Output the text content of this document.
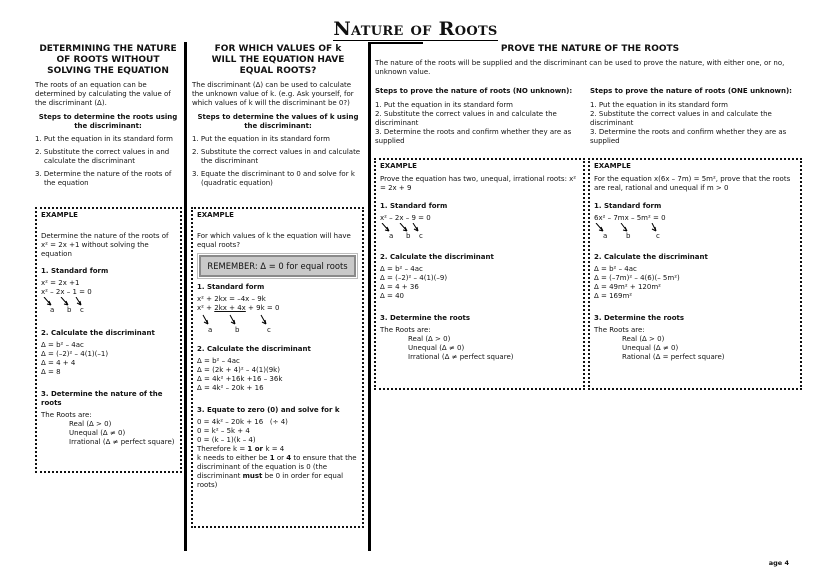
Nature of Roots
DETERMINING THE NATURE OF ROOTS WITHOUT SOLVING THE EQUATION
The roots of an equation can be determined by calculating the value of the discriminant (Δ).
Steps to determine the roots using the discriminant:
1. Put the equation in its standard form
2. Substitute the correct values in and calculate the discriminant
3. Determine the nature of the roots of the equation
EXAMPLE
Determine the nature of the roots of x² = 2x +1 without solving the equation
1. Standard form
x² = 2x +1
x² – 2x – 1 = 0
a b c
2. Calculate the discriminant
Δ = b² – 4ac
Δ = (–2)² – 4(1)(–1)
Δ = 4 + 4
Δ = 8
3. Determine the nature of the roots
The Roots are:
Real (Δ > 0)
Unequal (Δ ≠ 0)
Irrational (Δ ≠ perfect square)
FOR WHICH VALUES OF k WILL THE EQUATION HAVE EQUAL ROOTS?
The discriminant (Δ) can be used to calculate the unknown value of k. (e.g. Ask yourself, for which values of k will the discriminant be 0?)
Steps to determine the values of k using the discriminant:
1. Put the equation in its standard form
2. Substitute the correct values in and calculate the discriminant
3. Equate the discriminant to 0 and solve for k (quadratic equation)
EXAMPLE
For which values of k the equation will have equal roots?
REMEMBER: Δ = 0 for equal roots
1. Standard form
x² + 2kx = –4x – 9k
x² + 2kx + 4x + 9k = 0
a	b	c
2. Calculate the discriminant
Δ = b² – 4ac
Δ = (2k + 4)² – 4(1)(9k)
Δ = 4k² +16k +16 – 36k
Δ = 4k² – 20k + 16
3. Equate to zero (0) and solve for k
0 = 4k² – 20k + 16   (÷ 4)
0 = k² – 5k + 4
0 = (k – 1)(k – 4)
Therefore k = 1 or k = 4
k needs to either be 1 or 4 to ensure that the discriminant of the equation is 0 (the discriminant must be 0 in order for equal roots)
PROVE THE NATURE OF THE ROOTS
The nature of the roots will be supplied and the discriminant can be used to prove the nature, with either one, or no, unknown value.
Steps to prove the nature of roots (NO unknown):
1. Put the equation in its standard form
2. Substitute the correct values in and calculate the discriminant
3. Determine the roots and confirm whether they are as supplied
Steps to prove the nature of roots (ONE unknown):
1. Put the equation in its standard form
2. Substitute the correct values in and calculate the discriminant
3. Determine the roots and confirm whether they are as supplied
EXAMPLE
Prove the equation has two, unequal, irrational roots: x² = 2x + 9
1. Standard form
x² – 2x – 9 = 0
a b c
2. Calculate the discriminant
Δ = b² – 4ac
Δ = (–2)² – 4(1)(–9)
Δ = 4 + 36
Δ = 40
3. Determine the roots
The Roots are:
Real (Δ > 0)
Unequal (Δ ≠ 0)
Irrational (Δ ≠ perfect square)
EXAMPLE
For the equation x(6x – 7m) = 5m², prove that the roots are real, rational and unequal if m > 0
1. Standard form
6x² – 7mx – 5m² = 0
a	b	c
2. Calculate the discriminant
Δ = b² – 4ac
Δ = (–7m)² – 4(6)(– 5m²)
Δ = 49m² + 120m²
Δ = 169m²
3. Determine the roots
The Roots are:
Real (Δ > 0)
Unequal (Δ ≠ 0)
Rational (Δ = perfect square)
age 4
